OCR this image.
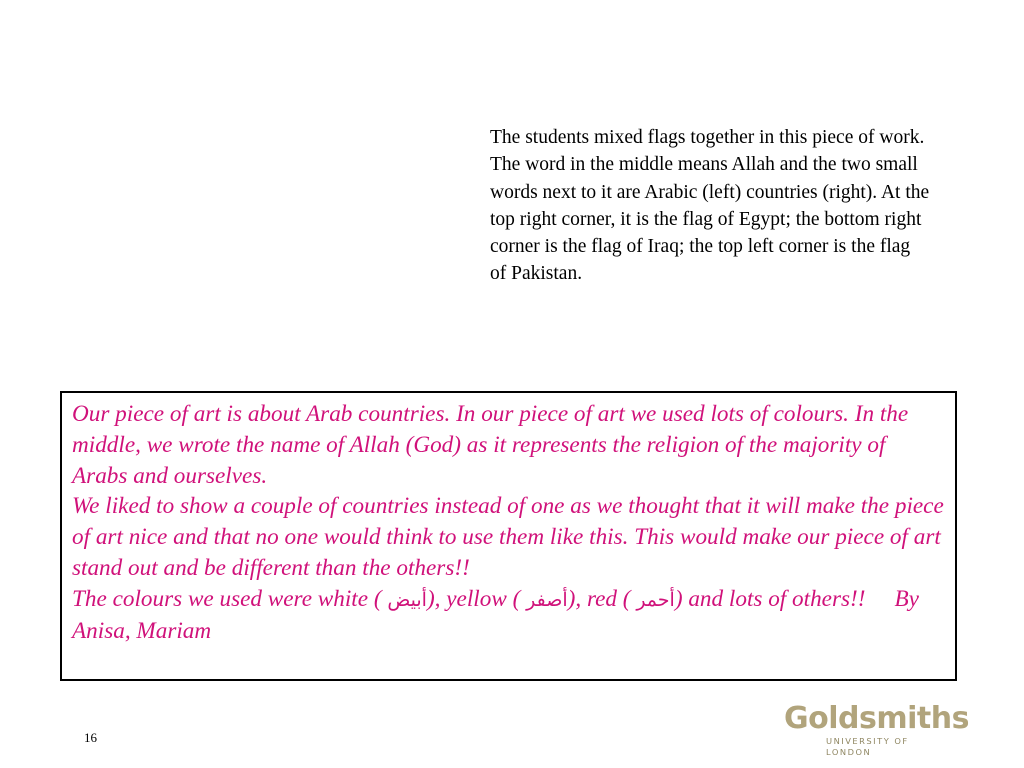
The students mixed flags together in this piece of work. The word in the middle means Allah and the two small words next to it are Arabic (left) countries (right). At the top right corner, it is the flag of Egypt; the bottom right corner is the flag of Iraq; the top left corner is the flag of Pakistan.

Our piece of art is about Arab countries. In our piece of art we used lots of colours. In the middle, we wrote the name of Allah (God) as it represents the religion of the majority of Arabs and ourselves.

We liked to show a couple of countries instead of one as we thought that it will make the piece of art nice and that no one would think to use them like this. This would make our piece of art stand out and be different than the others!!

The colours we used were white ( أبيض), yellow ( أصفر), red ( أحمر) and lots of others!! By Anisa, Mariam

16
Goldsmiths
UNIVERSITY OF LONDON
